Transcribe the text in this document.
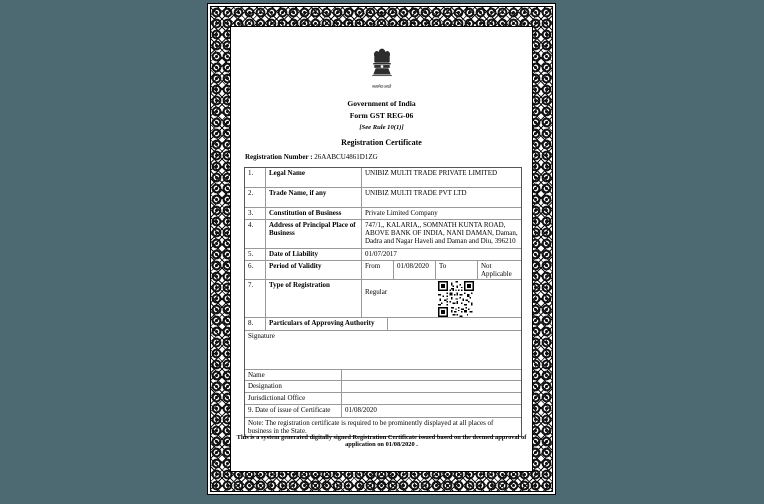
सत्यमेव जयते
Government of India
Form GST REG-06
[See Rule 10(1)]
Registration Certificate
Registration Number : 26AABCU4861D1ZG
1.	Legal Name	UNIBIZ MULTI TRADE PRIVATE LIMITED
2.	Trade Name, if any	UNIBIZ MULTI TRADE PVT LTD
3.	Constitution of Business	Private Limited Company
4.	Address of Principal Place of Business
747/1,, KALARIA,, SOMNATH KUNTA ROAD, ABOVE BANK OF INDIA, NANI DAMAN, Daman, Dadra and Nagar Haveli and Daman and Diu, 396210
5.	Date of Liability	01/07/2017
6.	Period of Validity	From	01/08/2020	To	Not Applicable
7.	Type of Registration
Regular
8.	Particulars of Approving Authority
Signature
Name
Designation
Jurisdictional Office
9. Date of issue of Certificate	01/08/2020
Note: The registration certificate is required to be prominently displayed at all places of business in the State.
This is a system generated digitally signed Registration Certificate issued based on the deemed approval of application on 01/08/2020 .
